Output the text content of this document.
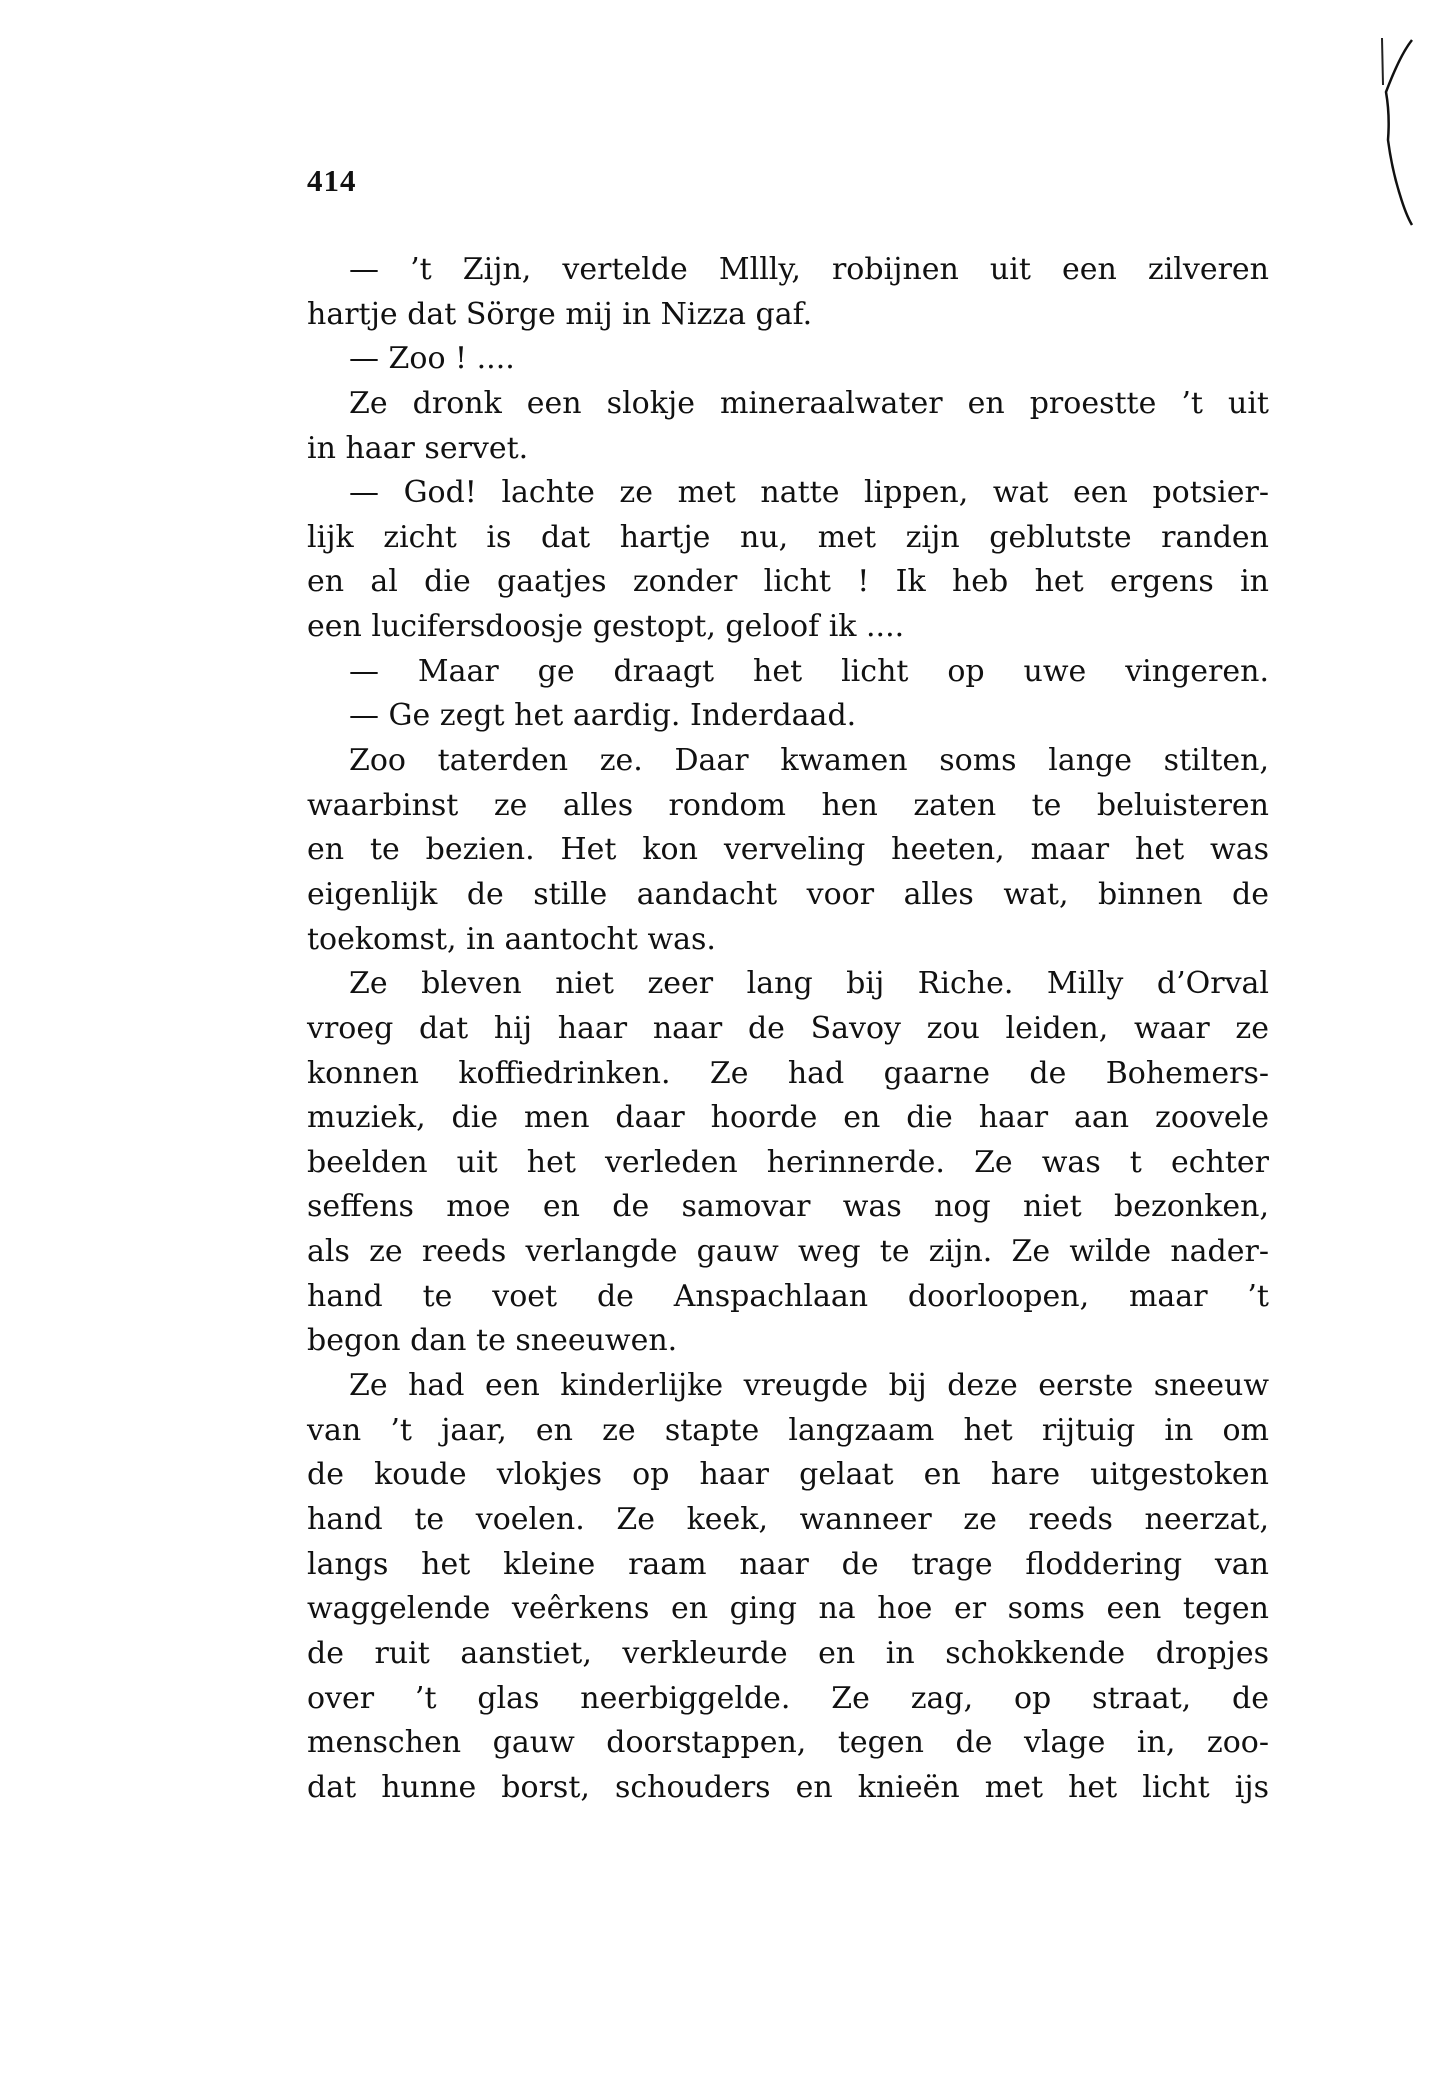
414
— ’t Zijn, vertelde Mllly, robijnen uit een zilveren
hartje dat Sörge mij in Nizza gaf.
— Zoo ! ....
Ze dronk een slokje mineraalwater en proestte ’t uit
in haar servet.
— God! lachte ze met natte lippen, wat een potsier-
lijk zicht is dat hartje nu, met zijn geblutste randen
en al die gaatjes zonder licht ! Ik heb het ergens in
een lucifersdoosje gestopt, geloof ik ....
— Maar ge draagt het licht op uwe vingeren.
— Ge zegt het aardig. Inderdaad.
Zoo taterden ze. Daar kwamen soms lange stilten,
waarbinst ze alles rondom hen zaten te beluisteren
en te bezien. Het kon verveling heeten, maar het was
eigenlijk de stille aandacht voor alles wat, binnen de
toekomst, in aantocht was.
Ze bleven niet zeer lang bij Riche. Milly d’Orval
vroeg dat hij haar naar de Savoy zou leiden, waar ze
konnen koffiedrinken. Ze had gaarne de Bohemers-
muziek, die men daar hoorde en die haar aan zoovele
beelden uit het verleden herinnerde. Ze was t echter
seffens moe en de samovar was nog niet bezonken,
als ze reeds verlangde gauw weg te zijn. Ze wilde nader-
hand te voet de Anspachlaan doorloopen, maar ’t
begon dan te sneeuwen.
Ze had een kinderlijke vreugde bij deze eerste sneeuw
van ’t jaar, en ze stapte langzaam het rijtuig in om
de koude vlokjes op haar gelaat en hare uitgestoken
hand te voelen. Ze keek, wanneer ze reeds neerzat,
langs het kleine raam naar de trage floddering van
waggelende veêrkens en ging na hoe er soms een tegen
de ruit aanstiet, verkleurde en in schokkende dropjes
over ’t glas neerbiggelde. Ze zag, op straat, de
menschen gauw doorstappen, tegen de vlage in, zoo-
dat hunne borst, schouders en knieën met het licht ijs
